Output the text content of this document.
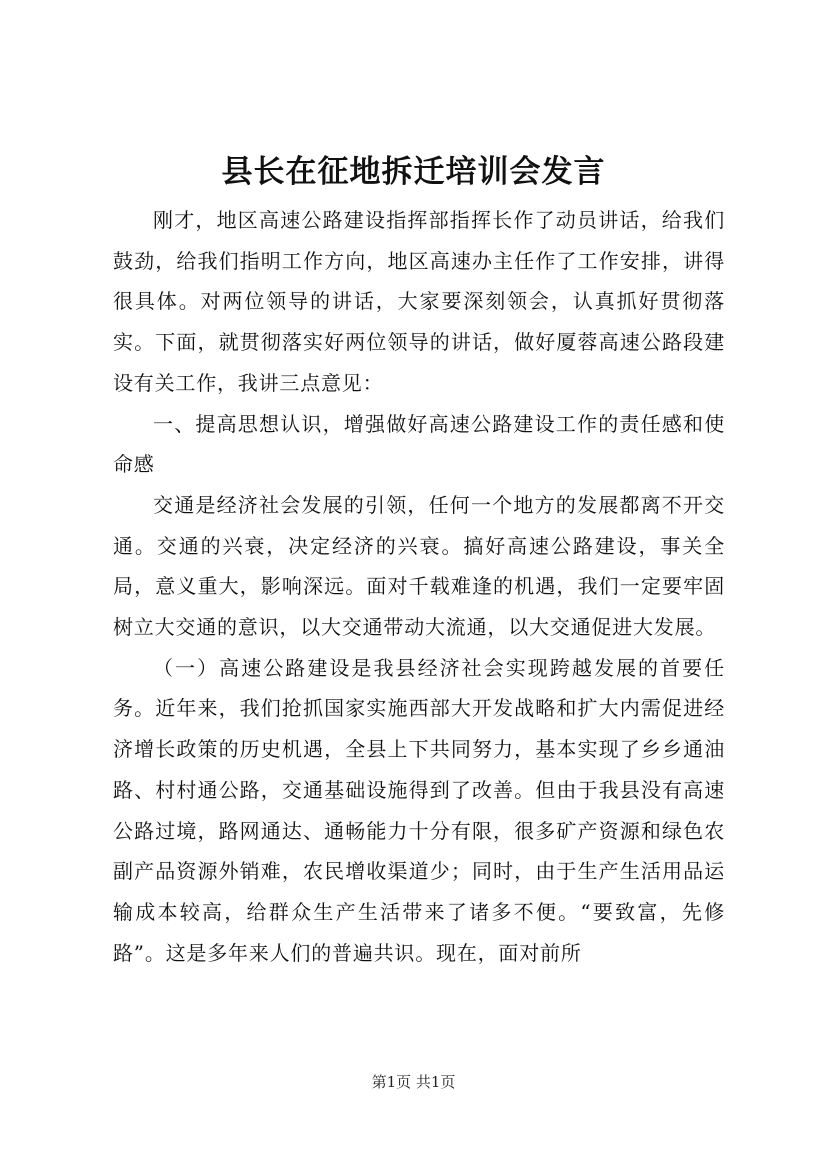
县长在征地拆迁培训会发言

刚才，地区高速公路建设指挥部指挥长作了动员讲话，给我们鼓劲，给我们指明工作方向，地区高速办主任作了工作安排，讲得很具体。对两位领导的讲话，大家要深刻领会，认真抓好贯彻落实。下面，就贯彻落实好两位领导的讲话，做好厦蓉高速公路段建设有关工作，我讲三点意见：

一、提高思想认识，增强做好高速公路建设工作的责任感和使命感

交通是经济社会发展的引领，任何一个地方的发展都离不开交通。交通的兴衰，决定经济的兴衰。搞好高速公路建设，事关全局，意义重大，影响深远。面对千载难逢的机遇，我们一定要牢固树立大交通的意识，以大交通带动大流通，以大交通促进大发展。

（一）高速公路建设是我县经济社会实现跨越发展的首要任务。近年来，我们抢抓国家实施西部大开发战略和扩大内需促进经济增长政策的历史机遇，全县上下共同努力，基本实现了乡乡通油路、村村通公路，交通基础设施得到了改善。但由于我县没有高速公路过境，路网通达、通畅能力十分有限，很多矿产资源和绿色农副产品资源外销难，农民增收渠道少；同时，由于生产生活用品运输成本较高，给群众生产生活带来了诸多不便。“要致富，先修路”。这是多年来人们的普遍共识。现在，面对前所

第1页 共1页
